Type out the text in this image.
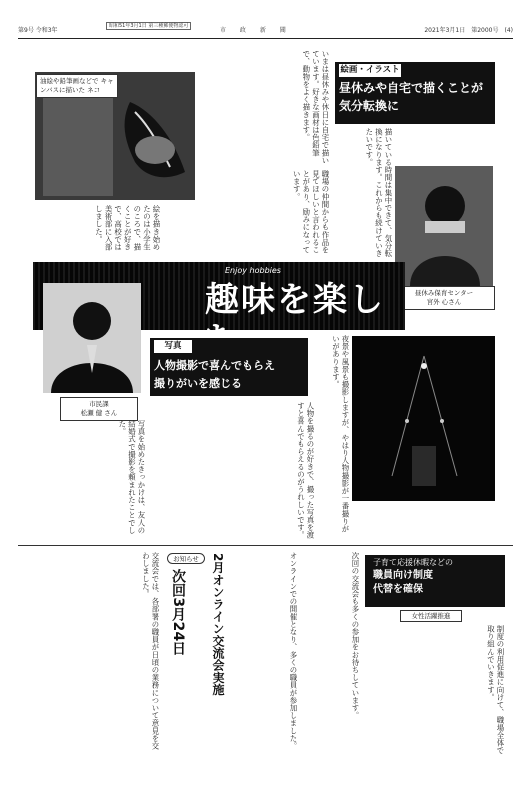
第9号 令和3年
昭和51年3月1日 第三種郵便物認可
市 政 新 聞	2021年3月1日　第2000号　(4)
油絵や鉛筆画などで キャンバスに描いた ネコ
絵を描き始めたのは小学生のころで、描くことが好きで、高校では美術部に入部しました。
いまは昼休みや休日に自宅で描いています。好きな画材は色鉛筆で、動物をよく描きます。
職場の仲間からも作品を見てほしいと言われることがあり、励みになっています。
絵画・イラスト
昼休みや自宅で描くことが
気分転換に
描いている時間は集中できて、気分転換になります。これからも続けていきたいです。
昼休み保育センター
宮外 心さん
Enjoy hobbies
趣味を楽し
市民課
松瀬 健 さん
写真
人物撮影で喜んでもらえ
撮りがいを感じる
写真を始めたきっかけは、友人の結婚式で撮影を頼まれたことでした。	人物を撮るのが好きで、撮った写真を渡すと喜んでもらえるのがうれしいです。	夜景や風景も撮影しますが、やはり人物撮影が一番撮りがいがあります。
交流会では、各部署の職員が日頃の業務について意見を交わしました。	お知らせ
次回3月24日 2月オンライン交流会実施	オンラインでの開催となり、多くの職員が参加しました。	次回の交流会も多くの参加をお待ちしています。 子育て応援休暇などの
職員向け制度
代替を確保
女性活躍推進
制度の利用促進に向けて、職場全体で取り組んでいきます。
